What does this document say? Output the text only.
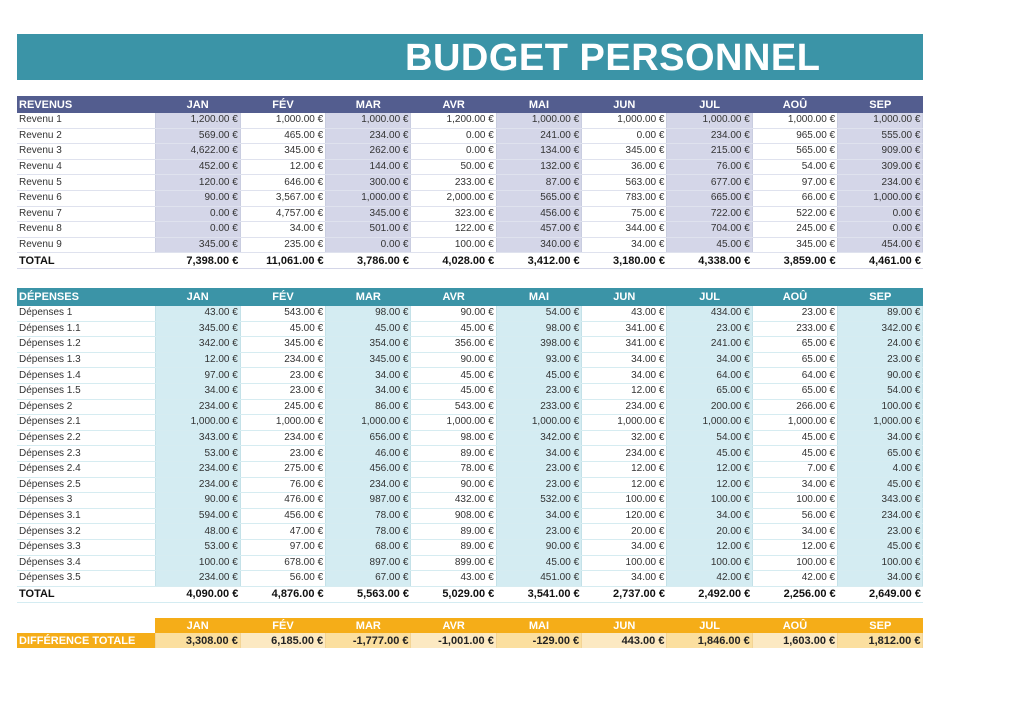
BUDGET PERSONNEL
REVENUS	JAN	FÉV	MAR	AVR	MAI	JUN	JUL	AOÛ	SEP
Revenu 1	1,200.00 €	1,000.00 €	1,000.00 €	1,200.00 €	1,000.00 €	1,000.00 €	1,000.00 €	1,000.00 €	1,000.00 €
Revenu 2	569.00 €	465.00 €	234.00 €	0.00 €	241.00 €	0.00 €	234.00 €	965.00 €	555.00 €
Revenu 3	4,622.00 €	345.00 €	262.00 €	0.00 €	134.00 €	345.00 €	215.00 €	565.00 €	909.00 €
Revenu 4	452.00 €	12.00 €	144.00 €	50.00 €	132.00 €	36.00 €	76.00 €	54.00 €	309.00 €
Revenu 5	120.00 €	646.00 €	300.00 €	233.00 €	87.00 €	563.00 €	677.00 €	97.00 €	234.00 €
Revenu 6	90.00 €	3,567.00 €	1,000.00 €	2,000.00 €	565.00 €	783.00 €	665.00 €	66.00 €	1,000.00 €
Revenu 7	0.00 €	4,757.00 €	345.00 €	323.00 €	456.00 €	75.00 €	722.00 €	522.00 €	0.00 €
Revenu 8	0.00 €	34.00 €	501.00 €	122.00 €	457.00 €	344.00 €	704.00 €	245.00 €	0.00 €
Revenu 9	345.00 €	235.00 €	0.00 €	100.00 €	340.00 €	34.00 €	45.00 €	345.00 €	454.00 €
TOTAL	7,398.00 €	11,061.00 €	3,786.00 €	4,028.00 €	3,412.00 €	3,180.00 €	4,338.00 €	3,859.00 €	4,461.00 €
DÉPENSES	JAN	FÉV	MAR	AVR	MAI	JUN	JUL	AOÛ	SEP
Dépenses 1	43.00 €	543.00 €	98.00 €	90.00 €	54.00 €	43.00 €	434.00 €	23.00 €	89.00 €
Dépenses 1.1	345.00 €	45.00 €	45.00 €	45.00 €	98.00 €	341.00 €	23.00 €	233.00 €	342.00 €
Dépenses 1.2	342.00 €	345.00 €	354.00 €	356.00 €	398.00 €	341.00 €	241.00 €	65.00 €	24.00 €
Dépenses 1.3	12.00 €	234.00 €	345.00 €	90.00 €	93.00 €	34.00 €	34.00 €	65.00 €	23.00 €
Dépenses 1.4	97.00 €	23.00 €	34.00 €	45.00 €	45.00 €	34.00 €	64.00 €	64.00 €	90.00 €
Dépenses 1.5	34.00 €	23.00 €	34.00 €	45.00 €	23.00 €	12.00 €	65.00 €	65.00 €	54.00 €
Dépenses 2	234.00 €	245.00 €	86.00 €	543.00 €	233.00 €	234.00 €	200.00 €	266.00 €	100.00 €
Dépenses 2.1	1,000.00 €	1,000.00 €	1,000.00 €	1,000.00 €	1,000.00 €	1,000.00 €	1,000.00 €	1,000.00 €	1,000.00 €
Dépenses 2.2	343.00 €	234.00 €	656.00 €	98.00 €	342.00 €	32.00 €	54.00 €	45.00 €	34.00 €
Dépenses 2.3	53.00 €	23.00 €	46.00 €	89.00 €	34.00 €	234.00 €	45.00 €	45.00 €	65.00 €
Dépenses 2.4	234.00 €	275.00 €	456.00 €	78.00 €	23.00 €	12.00 €	12.00 €	7.00 €	4.00 €
Dépenses 2.5	234.00 €	76.00 €	234.00 €	90.00 €	23.00 €	12.00 €	12.00 €	34.00 €	45.00 €
Dépenses 3	90.00 €	476.00 €	987.00 €	432.00 €	532.00 €	100.00 €	100.00 €	100.00 €	343.00 €
Dépenses 3.1	594.00 €	456.00 €	78.00 €	908.00 €	34.00 €	120.00 €	34.00 €	56.00 €	234.00 €
Dépenses 3.2	48.00 €	47.00 €	78.00 €	89.00 €	23.00 €	20.00 €	20.00 €	34.00 €	23.00 €
Dépenses 3.3	53.00 €	97.00 €	68.00 €	89.00 €	90.00 €	34.00 €	12.00 €	12.00 €	45.00 €
Dépenses 3.4	100.00 €	678.00 €	897.00 €	899.00 €	45.00 €	100.00 €	100.00 €	100.00 €	100.00 €
Dépenses 3.5	234.00 €	56.00 €	67.00 €	43.00 €	451.00 €	34.00 €	42.00 €	42.00 €	34.00 €
TOTAL	4,090.00 €	4,876.00 €	5,563.00 €	5,029.00 €	3,541.00 €	2,737.00 €	2,492.00 €	2,256.00 €	2,649.00 €
	JAN	FÉV	MAR	AVR	MAI	JUN	JUL	AOÛ	SEP
DIFFÉRENCE TOTALE	3,308.00 €	6,185.00 €	-1,777.00 €	-1,001.00 €	-129.00 €	443.00 €	1,846.00 €	1,603.00 €	1,812.00 €
